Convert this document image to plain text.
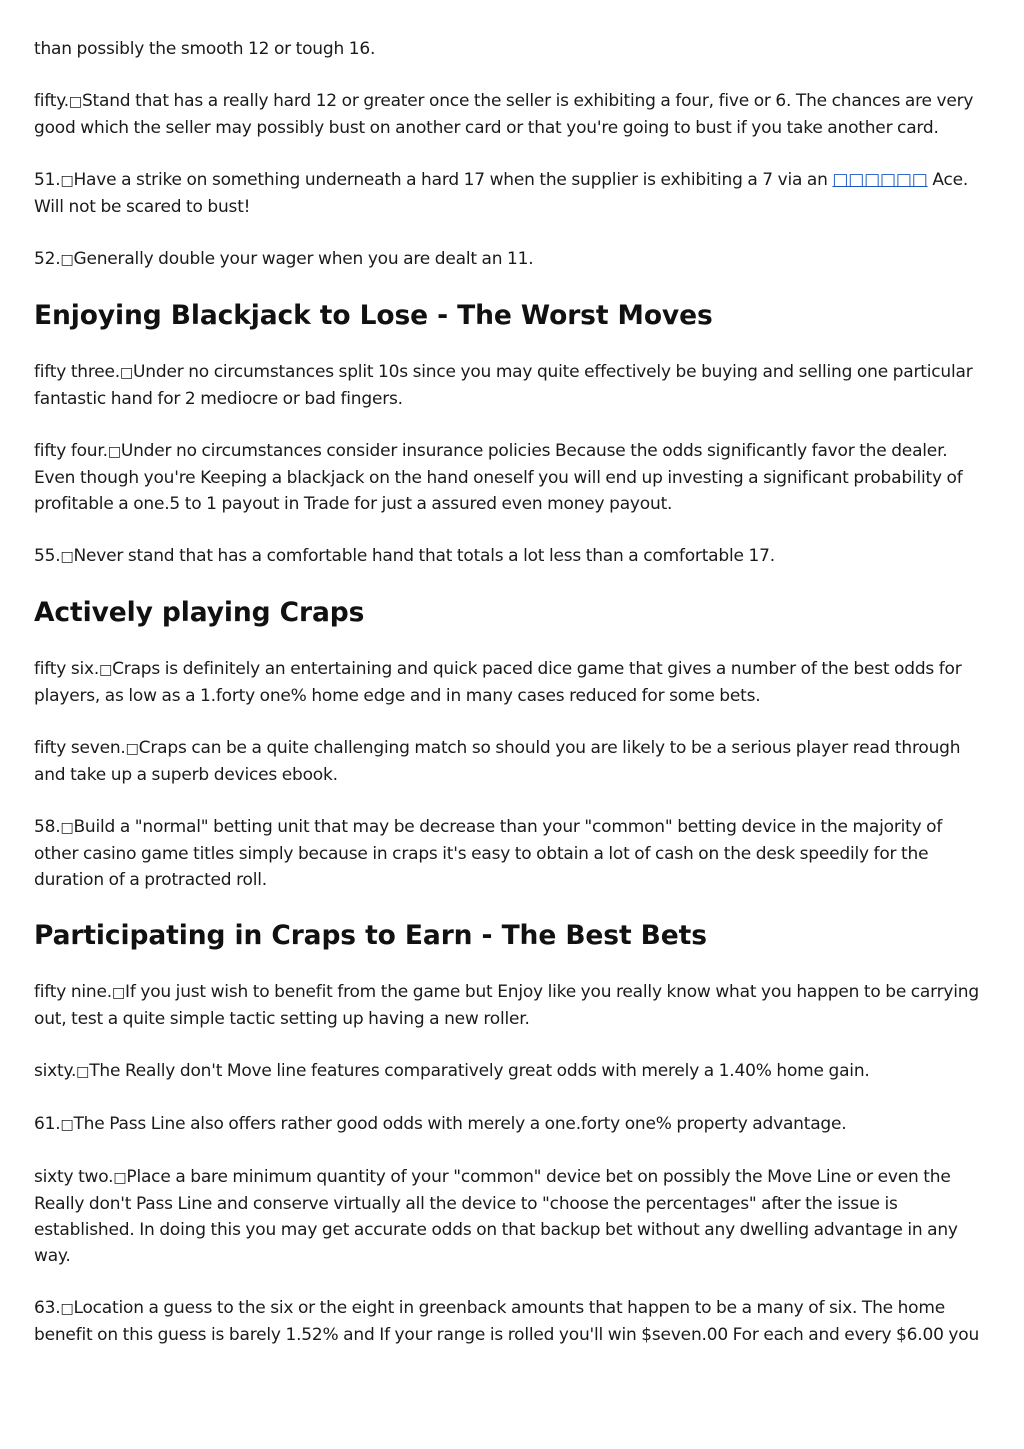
than possibly the smooth 12 or tough 16.

fifty.□Stand that has a really hard 12 or greater once the seller is exhibiting a four, five or 6. The chances are very good which the seller may possibly bust on another card or that you're going to bust if you take another card.

51.□Have a strike on something underneath a hard 17 when the supplier is exhibiting a 7 via an □□□□□□ Ace. Will not be scared to bust!

52.□Generally double your wager when you are dealt an 11.

Enjoying Blackjack to Lose - The Worst Moves

fifty three.□Under no circumstances split 10s since you may quite effectively be buying and selling one particular fantastic hand for 2 mediocre or bad fingers.

fifty four.□Under no circumstances consider insurance policies Because the odds significantly favor the dealer. Even though you're Keeping a blackjack on the hand oneself you will end up investing a significant probability of profitable a one.5 to 1 payout in Trade for just a assured even money payout.

55.□Never stand that has a comfortable hand that totals a lot less than a comfortable 17.

Actively playing Craps

fifty six.□Craps is definitely an entertaining and quick paced dice game that gives a number of the best odds for players, as low as a 1.forty one% home edge and in many cases reduced for some bets.

fifty seven.□Craps can be a quite challenging match so should you are likely to be a serious player read through and take up a superb devices ebook.

58.□Build a "normal" betting unit that may be decrease than your "common" betting device in the majority of other casino game titles simply because in craps it's easy to obtain a lot of cash on the desk speedily for the duration of a protracted roll.

Participating in Craps to Earn - The Best Bets

fifty nine.□If you just wish to benefit from the game but Enjoy like you really know what you happen to be carrying out, test a quite simple tactic setting up having a new roller.

sixty.□The Really don't Move line features comparatively great odds with merely a 1.40% home gain.

61.□The Pass Line also offers rather good odds with merely a one.forty one% property advantage.

sixty two.□Place a bare minimum quantity of your "common" device bet on possibly the Move Line or even the Really don't Pass Line and conserve virtually all the device to "choose the percentages" after the issue is established. In doing this you may get accurate odds on that backup bet without any dwelling advantage in any way.

63.□Location a guess to the six or the eight in greenback amounts that happen to be a many of six. The home benefit on this guess is barely 1.52% and If your range is rolled you'll win $seven.00 For each and every $6.00 you
